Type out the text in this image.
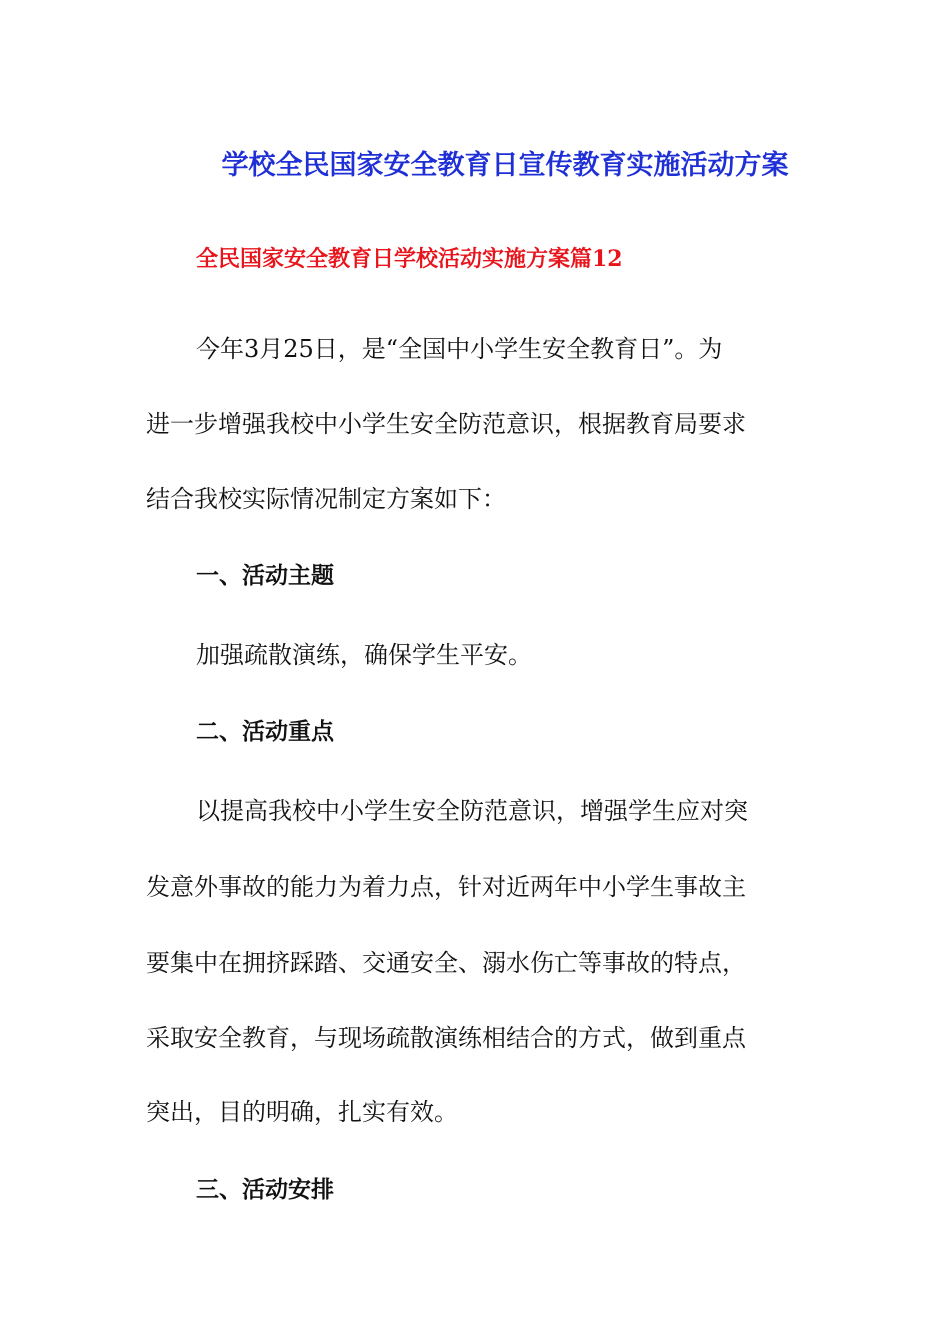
学校全民国家安全教育日宣传教育实施活动方案
全民国家安全教育日学校活动实施方案篇12
今年3月25日，是“全国中小学生安全教育日”。为
进一步增强我校中小学生安全防范意识，根据教育局要求
结合我校实际情况制定方案如下：
一、活动主题
加强疏散演练，确保学生平安。
二、活动重点
以提高我校中小学生安全防范意识，增强学生应对突
发意外事故的能力为着力点，针对近两年中小学生事故主
要集中在拥挤踩踏、交通安全、溺水伤亡等事故的特点，
采取安全教育，与现场疏散演练相结合的方式，做到重点
突出，目的明确，扎实有效。
三、活动安排
